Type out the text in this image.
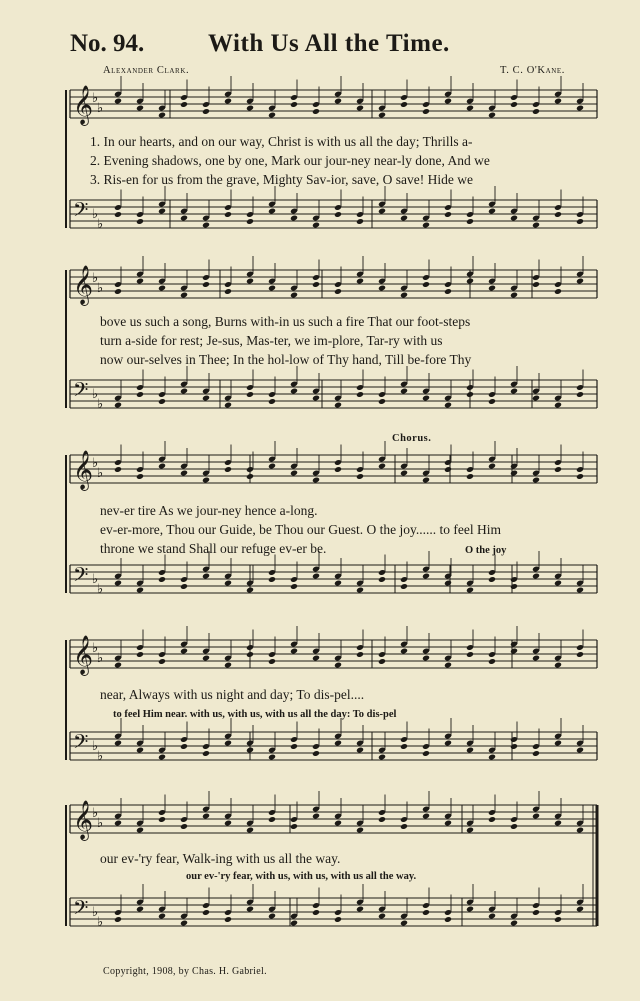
No. 94.	With Us All the Time.
Alexander Clark.	T. C. O'Kane.
𝄞
♭
♭
𝄢 ♭
♭
𝄞
♭
♭
𝄢 ♭
♭
𝄞
♭
♭
𝄢 ♭
♭
𝄞
♭
♭
𝄢 ♭
♭
𝄞
♭
♭
𝄢 ♭
♭
1. In our hearts, and on our way, Christ is with us all the day; Thrills a-
2. Evening shadows, one by one, Mark our jour-ney near-ly done, And we
3. Ris-en for us from the grave, Mighty Sav-ior, save, O save! Hide we
bove us such a song, Burns with-in us such a fire That our foot-steps
turn a-side for rest; Je-sus, Mas-ter, we im-plore, Tar-ry with us
now our-selves in Thee; In the hol-low of Thy hand, Till be-fore Thy
Chorus.
nev-er tire As we jour-ney hence a-long.
ev-er-more, Thou our Guide, be Thou our Guest. O the joy...... to feel Him
throne we stand Shall our refuge ev-er be.	O the joy
near, Always with us night and day; To dis-pel....
to feel Him near. with us, with us, with us all the day: To dis-pel
our ev-'ry fear, Walk-ing with us all the way.
our ev-'ry fear, with us, with us, with us all the way.
Copyright, 1908, by Chas. H. Gabriel.
